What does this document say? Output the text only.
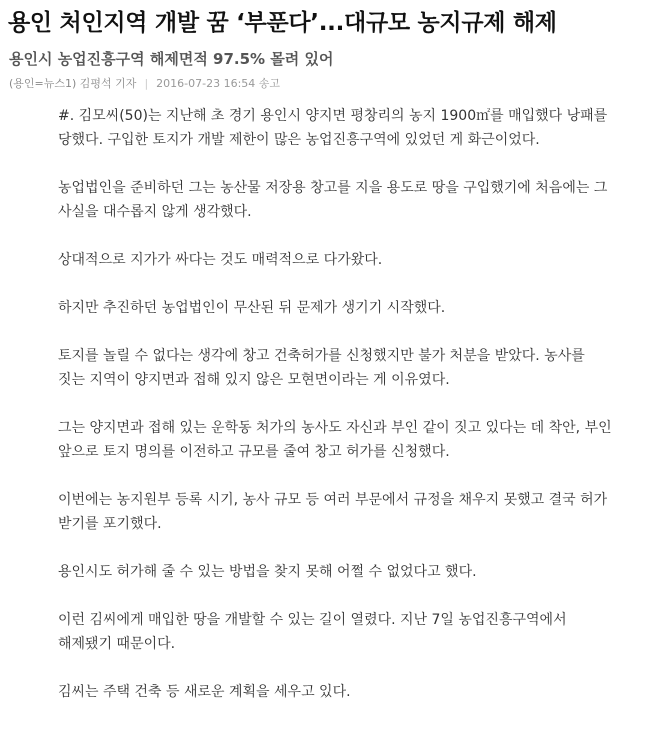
용인 처인지역 개발 꿈 ‘부푼다’...대규모 농지규제 해제
용인시 농업진흥구역 해제면적 97.5% 몰려 있어
(용인=뉴스1) 김평석 기자 | 2016-07-23 16:54 송고

#. 김모씨(50)는 지난해 초 경기 용인시 양지면 평창리의 농지 1900㎡를 매입했다 낭패를 당했다. 구입한 토지가 개발 제한이 많은 농업진흥구역에 있었던 게 화근이었다.

농업법인을 준비하던 그는 농산물 저장용 창고를 지을 용도로 땅을 구입했기에 처음에는 그 사실을 대수롭지 않게 생각했다.

상대적으로 지가가 싸다는 것도 매력적으로 다가왔다.

하지만 추진하던 농업법인이 무산된 뒤 문제가 생기기 시작했다.

토지를 놀릴 수 없다는 생각에 창고 건축허가를 신청했지만 불가 처분을 받았다. 농사를 짓는 지역이 양지면과 접해 있지 않은 모현면이라는 게 이유였다.

그는 양지면과 접해 있는 운학동 처가의 농사도 자신과 부인 같이 짓고 있다는 데 착안, 부인 앞으로 토지 명의를 이전하고 규모를 줄여 창고 허가를 신청했다.

이번에는 농지원부 등록 시기, 농사 규모 등 여러 부문에서 규정을 채우지 못했고 결국 허가 받기를 포기했다.

용인시도 허가해 줄 수 있는 방법을 찾지 못해 어쩔 수 없었다고 했다.

이런 김씨에게 매입한 땅을 개발할 수 있는 길이 열렸다. 지난 7일 농업진흥구역에서 해제됐기 때문이다.

김씨는 주택 건축 등 새로운 계획을 세우고 있다.
